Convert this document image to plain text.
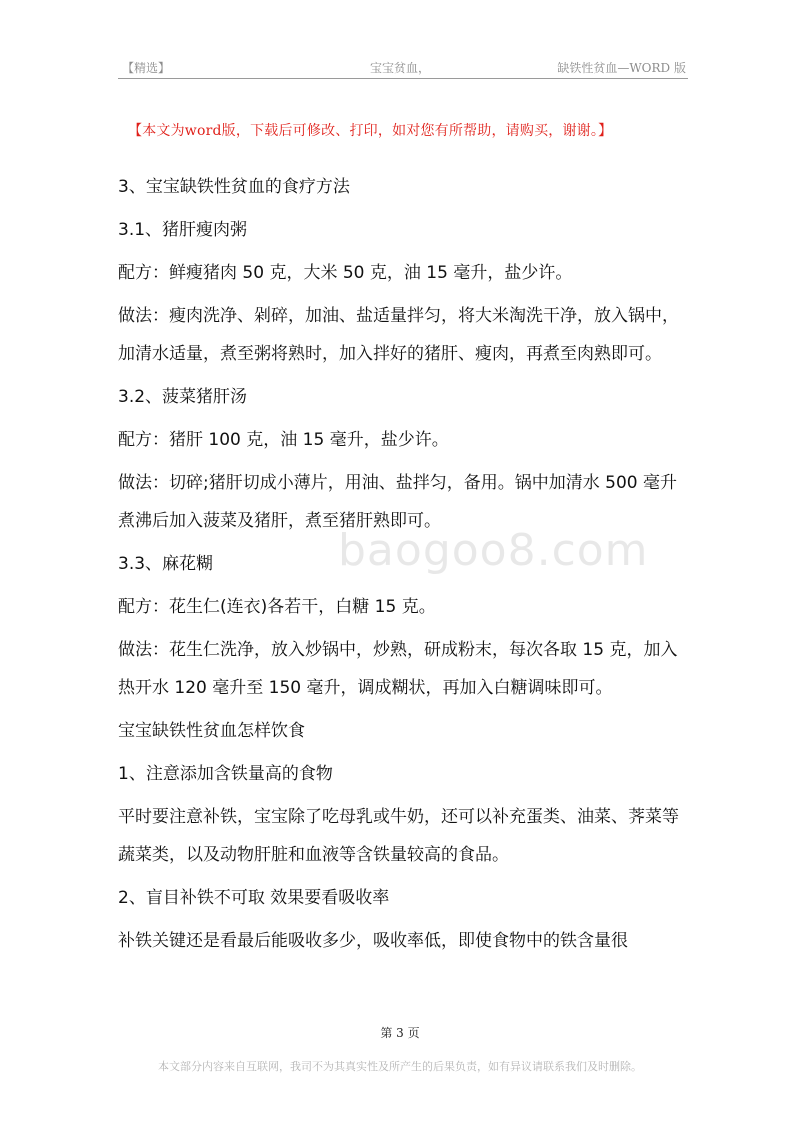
【精选】	宝宝贫血，	缺铁性贫血—WORD 版
【本文为word版，下载后可修改、打印，如对您有所帮助，请购买，谢谢。】

3、宝宝缺铁性贫血的食疗方法

3.1、猪肝瘦肉粥

配方：鲜瘦猪肉 50 克，大米 50 克，油 15 毫升，盐少许。

做法：瘦肉洗净、剁碎，加油、盐适量拌匀，将大米淘洗干净，放入锅中，加清水适量，煮至粥将熟时，加入拌好的猪肝、瘦肉，再煮至肉熟即可。

3.2、菠菜猪肝汤

配方：猪肝 100 克，油 15 毫升，盐少许。

做法：切碎;猪肝切成小薄片，用油、盐拌匀，备用。锅中加清水 500 毫升煮沸后加入菠菜及猪肝，煮至猪肝熟即可。

3.3、麻花糊

配方：花生仁(连衣)各若干，白糖 15 克。

做法：花生仁洗净，放入炒锅中，炒熟，研成粉末，每次各取 15 克，加入热开水 120 毫升至 150 毫升，调成糊状，再加入白糖调味即可。

宝宝缺铁性贫血怎样饮食

1、注意添加含铁量高的食物

平时要注意补铁，宝宝除了吃母乳或牛奶，还可以补充蛋类、油菜、荠菜等蔬菜类，以及动物肝脏和血液等含铁量较高的食品。

2、盲目补铁不可取 效果要看吸收率

补铁关键还是看最后能吸收多少，吸收率低，即使食物中的铁含量很

baogoo8.com
第 3 页
本文部分内容来自互联网，我司不为其真实性及所产生的后果负责，如有异议请联系我们及时删除。
